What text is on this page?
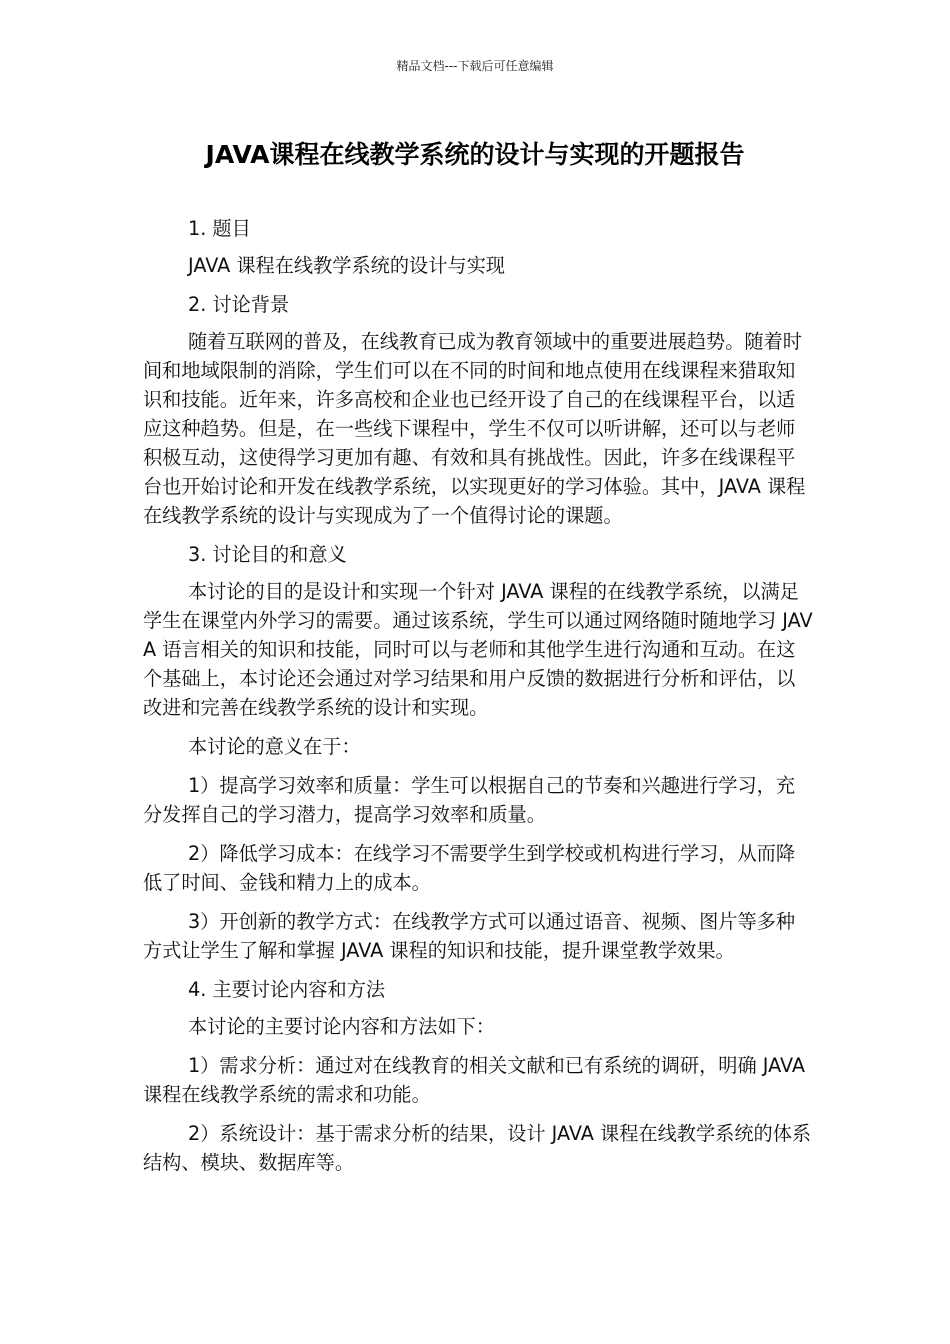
精品文档---下载后可任意编辑
JAVA课程在线教学系统的设计与实现的开题报告

1. 题目

JAVA 课程在线教学系统的设计与实现

2. 讨论背景

随着互联网的普及，在线教育已成为教育领域中的重要进展趋势。随着时间和地域限制的消除，学生们可以在不同的时间和地点使用在线课程来猎取知识和技能。近年来，许多高校和企业也已经开设了自己的在线课程平台，以适应这种趋势。但是，在一些线下课程中，学生不仅可以听讲解，还可以与老师积极互动，这使得学习更加有趣、有效和具有挑战性。因此，许多在线课程平台也开始讨论和开发在线教学系统，以实现更好的学习体验。其中，JAVA 课程在线教学系统的设计与实现成为了一个值得讨论的课题。

3. 讨论目的和意义

本讨论的目的是设计和实现一个针对 JAVA 课程的在线教学系统，以满足学生在课堂内外学习的需要。通过该系统，学生可以通过网络随时随地学习 JAVA 语言相关的知识和技能，同时可以与老师和其他学生进行沟通和互动。在这个基础上，本讨论还会通过对学习结果和用户反馈的数据进行分析和评估，以改进和完善在线教学系统的设计和实现。

本讨论的意义在于：

1）提高学习效率和质量：学生可以根据自己的节奏和兴趣进行学习，充分发挥自己的学习潜力，提高学习效率和质量。

2）降低学习成本：在线学习不需要学生到学校或机构进行学习，从而降低了时间、金钱和精力上的成本。

3）开创新的教学方式：在线教学方式可以通过语音、视频、图片等多种方式让学生了解和掌握 JAVA 课程的知识和技能，提升课堂教学效果。

4. 主要讨论内容和方法

本讨论的主要讨论内容和方法如下：

1）需求分析：通过对在线教育的相关文献和已有系统的调研，明确 JAVA 课程在线教学系统的需求和功能。

2）系统设计：基于需求分析的结果，设计 JAVA 课程在线教学系统的体系结构、模块、数据库等。
